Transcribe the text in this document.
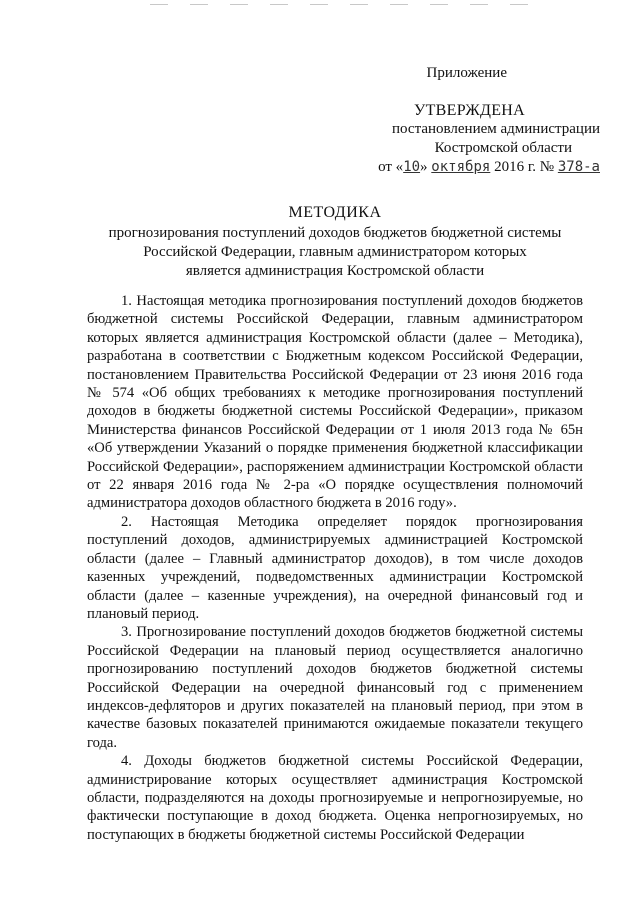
Приложение
УТВЕРЖДЕНА
постановлением администрации
Костромской области
от «10» октября 2016 г. № 378-а
МЕТОДИКА
прогнозирования поступлений доходов бюджетов бюджетной системы
Российской Федерации, главным администратором которых
является администрация Костромской области

1. Настоящая методика прогнозирования поступлений доходов бюджетов бюджетной системы Российской Федерации, главным администратором которых является администрация Костромской области (далее – Методика), разработана в соответствии с Бюджетным кодексом Российской Федерации, постановлением Правительства Российской Федерации от 23 июня 2016 года № 574 «Об общих требованиях к методике прогнозирования поступлений доходов в бюджеты бюджетной системы Российской Федерации», приказом Министерства финансов Российской Федерации от 1 июля 2013 года № 65н «Об утверждении Указаний о порядке применения бюджетной классификации Российской Федерации», распоряжением администрации Костромской области от 22 января 2016 года № 2-ра «О порядке осуществления полномочий администратора доходов областного бюджета в 2016 году».

2. Настоящая Методика определяет порядок прогнозирования поступлений доходов, администрируемых администрацией Костромской области (далее – Главный администратор доходов), в том числе доходов казенных учреждений, подведомственных администрации Костромской области (далее – казенные учреждения), на очередной финансовый год и плановый период.

3. Прогнозирование поступлений доходов бюджетов бюджетной системы Российской Федерации на плановый период осуществляется аналогично прогнозированию поступлений доходов бюджетов бюджетной системы Российской Федерации на очередной финансовый год с применением индексов-дефляторов и других показателей на плановый период, при этом в качестве базовых показателей принимаются ожидаемые показатели текущего года.

4. Доходы бюджетов бюджетной системы Российской Федерации, администрирование которых осуществляет администрация Костромской области, подразделяются на доходы прогнозируемые и непрогнозируемые, но фактически поступающие в доход бюджета. Оценка непрогнозируемых, но поступающих в бюджеты бюджетной системы Российской Федерации
